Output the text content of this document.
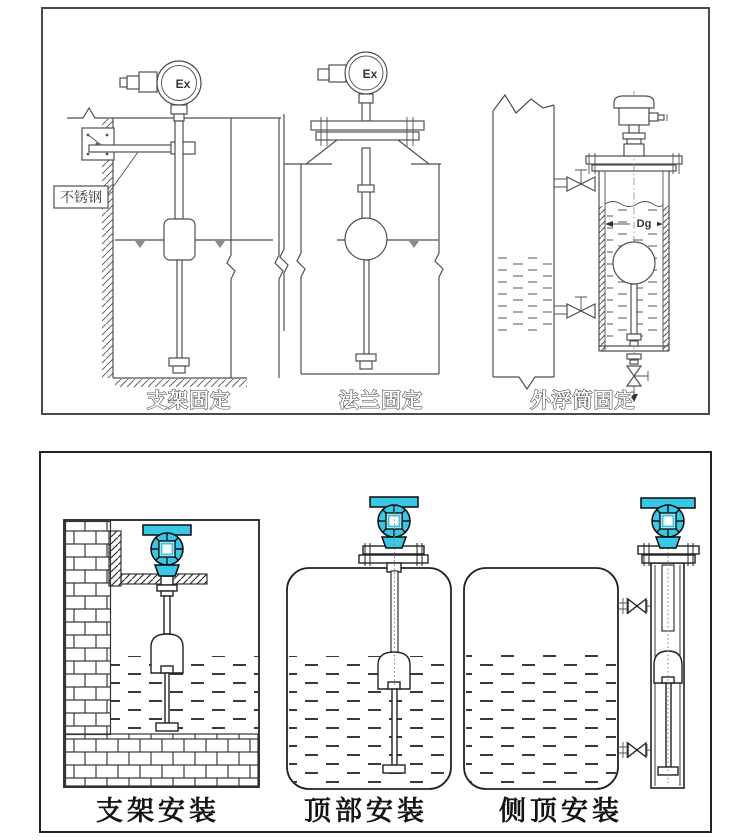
Ex
不锈钢
支架固定
Ex
法兰固定
Dg
外浮筒固定
支架安装	顶部安装	侧顶安装
